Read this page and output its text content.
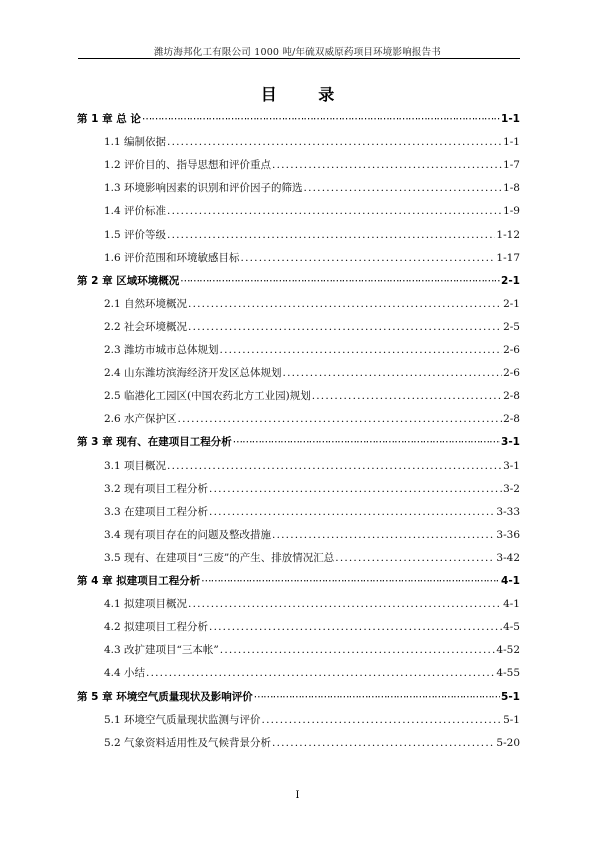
潍坊海邦化工有限公司 1000 吨/年硫双威原药项目环境影响报告书
目 录
第 1 章 总 论 ⋯⋯⋯⋯⋯⋯⋯⋯⋯⋯⋯⋯⋯⋯⋯⋯⋯⋯⋯⋯⋯⋯⋯⋯⋯⋯⋯⋯⋯⋯⋯⋯⋯⋯⋯⋯⋯⋯⋯⋯⋯⋯⋯⋯⋯⋯⋯⋯⋯⋯⋯⋯⋯⋯⋯⋯⋯⋯⋯⋯⋯⋯⋯⋯⋯⋯⋯⋯⋯⋯⋯⋯⋯⋯⋯⋯⋯⋯⋯⋯⋯⋯⋯⋯⋯⋯⋯⋯⋯⋯⋯⋯⋯⋯⋯⋯	1-1
1.1 编制依据 .....	1-1
1.2 评价目的、指导思想和评价重点 .....	1-7
1.3 环境影响因素的识别和评价因子的筛选 .....	1-8
1.4 评价标准 .....	1-9
1.5 评价等级 .....	1-12
1.6 评价范围和环境敏感目标 .....	1-17
第 2 章 区域环境概况 ⋯⋯⋯⋯⋯⋯⋯⋯⋯⋯⋯⋯⋯⋯⋯⋯⋯⋯⋯⋯⋯⋯⋯⋯⋯⋯⋯⋯⋯⋯⋯⋯⋯⋯⋯⋯⋯⋯⋯⋯⋯⋯⋯⋯⋯⋯⋯⋯⋯⋯⋯⋯⋯⋯⋯⋯⋯⋯⋯⋯⋯⋯⋯⋯⋯⋯⋯⋯⋯⋯⋯⋯⋯⋯⋯⋯⋯⋯⋯⋯⋯⋯⋯⋯⋯⋯⋯⋯⋯⋯⋯⋯⋯⋯⋯⋯	2-1
2.1 自然环境概况 .....	2-1
2.2 社会环境概况 .....	2-5
2.3 潍坊市城市总体规划 .....	2-6
2.4 山东潍坊滨海经济开发区总体规划 .....	2-6
2.5 临港化工园区(中国农药北方工业园)规划 .....	2-8
2.6 水产保护区 .....	2-8
第 3 章 现有、在建项目工程分析 ⋯⋯⋯⋯⋯⋯⋯⋯⋯⋯⋯⋯⋯⋯⋯⋯⋯⋯⋯⋯⋯⋯⋯⋯⋯⋯⋯⋯⋯⋯⋯⋯⋯⋯⋯⋯⋯⋯⋯⋯⋯⋯⋯⋯⋯⋯⋯⋯⋯⋯⋯⋯⋯⋯⋯⋯⋯⋯⋯⋯⋯⋯⋯⋯⋯⋯⋯⋯⋯⋯⋯⋯⋯⋯⋯⋯⋯⋯⋯⋯⋯⋯⋯⋯⋯⋯⋯⋯⋯⋯⋯⋯⋯⋯⋯⋯	3-1
3.1 项目概况 .....	3-1
3.2 现有项目工程分析 .....	3-2
3.3 在建项目工程分析 .....	3-33
3.4 现有项目存在的问题及整改措施 .....	3-36
3.5 现有、在建项目“三废”的产生、排放情况汇总 .....	3-42
第 4 章 拟建项目工程分析 ⋯⋯⋯⋯⋯⋯⋯⋯⋯⋯⋯⋯⋯⋯⋯⋯⋯⋯⋯⋯⋯⋯⋯⋯⋯⋯⋯⋯⋯⋯⋯⋯⋯⋯⋯⋯⋯⋯⋯⋯⋯⋯⋯⋯⋯⋯⋯⋯⋯⋯⋯⋯⋯⋯⋯⋯⋯⋯⋯⋯⋯⋯⋯⋯⋯⋯⋯⋯⋯⋯⋯⋯⋯⋯⋯⋯⋯⋯⋯⋯⋯⋯⋯⋯⋯⋯⋯⋯⋯⋯⋯⋯⋯⋯⋯⋯	4-1
4.1 拟建项目概况 .....	4-1
4.2 拟建项目工程分析 .....	4-5
4.3 改扩建项目“三本帐” .....	4-52
4.4 小结 .....	4-55
第 5 章 环境空气质量现状及影响评价 ⋯⋯⋯⋯⋯⋯⋯⋯⋯⋯⋯⋯⋯⋯⋯⋯⋯⋯⋯⋯⋯⋯⋯⋯⋯⋯⋯⋯⋯⋯⋯⋯⋯⋯⋯⋯⋯⋯⋯⋯⋯⋯⋯⋯⋯⋯⋯⋯⋯⋯⋯⋯⋯⋯⋯⋯⋯⋯⋯⋯⋯⋯⋯⋯⋯⋯⋯⋯⋯⋯⋯⋯⋯⋯⋯⋯⋯⋯⋯⋯⋯⋯⋯⋯⋯⋯⋯⋯⋯⋯⋯⋯⋯⋯⋯⋯	5-1
5.1 环境空气质量现状监测与评价 .....	5-1
5.2 气象资料适用性及气候背景分析 .....	5-20
I
